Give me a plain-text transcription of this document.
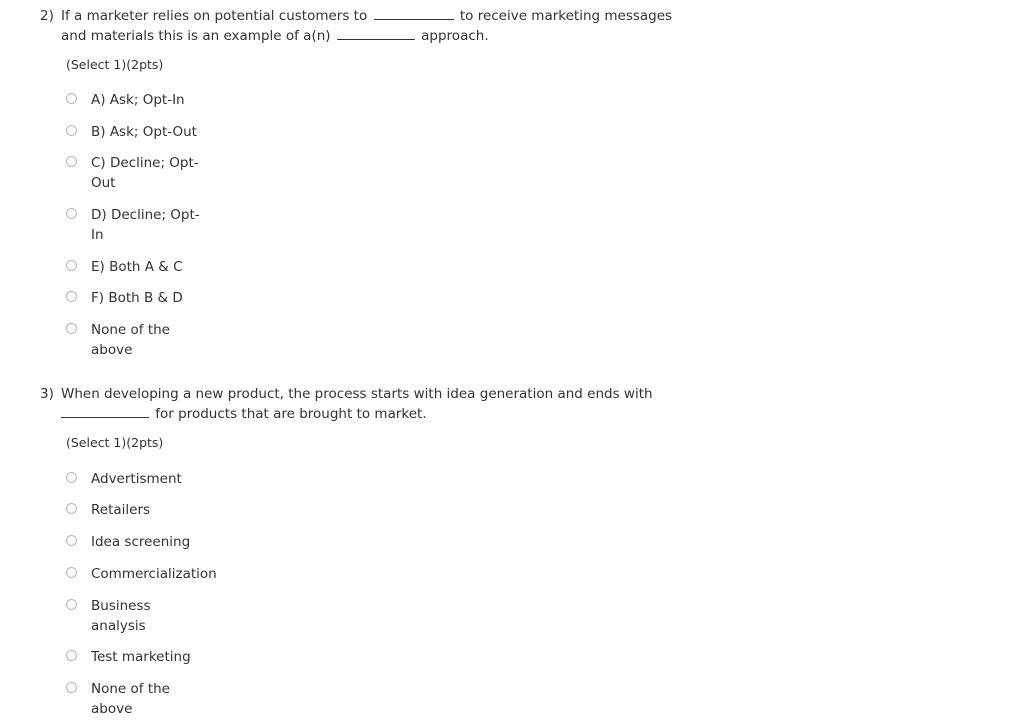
2) If a marketer relies on potential customers to	to receive marketing messages and materials this is an example of a(n)	approach.
(Select 1)(2pts)
A) Ask; Opt-In
B) Ask; Opt-Out
C) Decline; Opt-
Out
D) Decline; Opt-
In
E) Both A & C
F) Both B & D
None of the
above
3) When developing a new product, the process starts with idea generation and ends with
for products that are brought to market.
(Select 1)(2pts)
Advertisment
Retailers
Idea screening
Commercialization
Business
analysis
Test marketing
None of the
above
